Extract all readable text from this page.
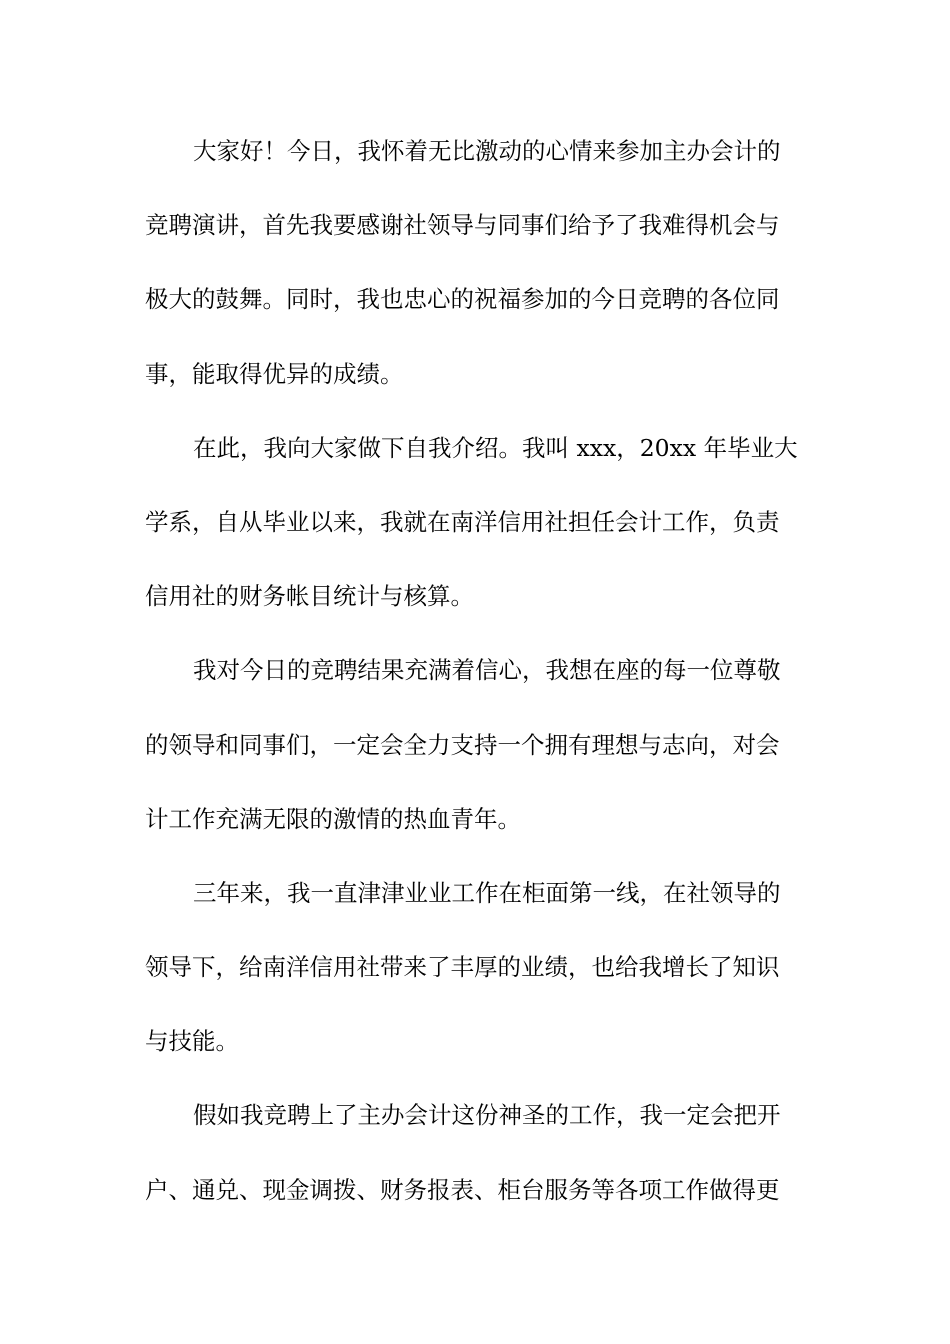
大家好！今日，我怀着无比激动的心情来参加主办会计的
竞聘演讲，首先我要感谢社领导与同事们给予了我难得机会与
极大的鼓舞。同时，我也忠心的祝福参加的今日竞聘的各位同
事，能取得优异的成绩。
在此，我向大家做下自我介绍。我叫 xxx，20xx 年毕业大
学系，自从毕业以来，我就在南洋信用社担任会计工作，负责
信用社的财务帐目统计与核算。
我对今日的竞聘结果充满着信心，我想在座的每一位尊敬
的领导和同事们，一定会全力支持一个拥有理想与志向，对会
计工作充满无限的激情的热血青年。
三年来，我一直津津业业工作在柜面第一线，在社领导的
领导下，给南洋信用社带来了丰厚的业绩，也给我增长了知识
与技能。
假如我竞聘上了主办会计这份神圣的工作，我一定会把开
户、通兑、现金调拨、财务报表、柜台服务等各项工作做得更
